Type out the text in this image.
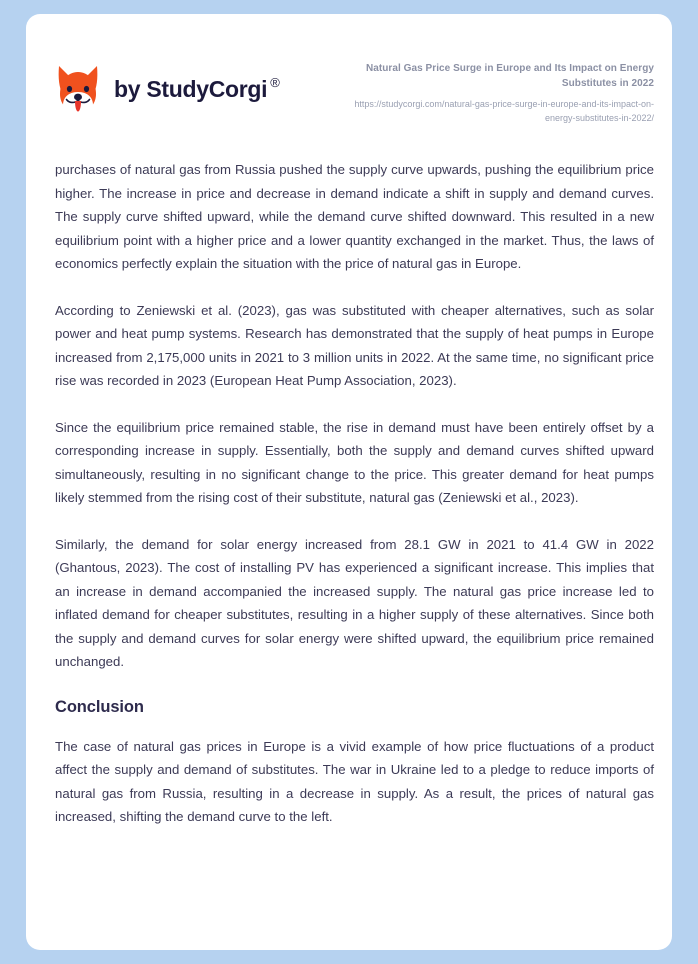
by StudyCorgi ®
Natural Gas Price Surge in Europe and Its Impact on Energy Substitutes in 2022
https://studycorgi.com/natural-gas-price-surge-in-europe-and-its-impact-on-energy-substitutes-in-2022/

purchases of natural gas from Russia pushed the supply curve upwards, pushing the equilibrium price higher. The increase in price and decrease in demand indicate a shift in supply and demand curves. The supply curve shifted upward, while the demand curve shifted downward. This resulted in a new equilibrium point with a higher price and a lower quantity exchanged in the market. Thus, the laws of economics perfectly explain the situation with the price of natural gas in Europe.

According to Zeniewski et al. (2023), gas was substituted with cheaper alternatives, such as solar power and heat pump systems. Research has demonstrated that the supply of heat pumps in Europe increased from 2,175,000 units in 2021 to 3 million units in 2022. At the same time, no significant price rise was recorded in 2023 (European Heat Pump Association, 2023).

Since the equilibrium price remained stable, the rise in demand must have been entirely offset by a corresponding increase in supply. Essentially, both the supply and demand curves shifted upward simultaneously, resulting in no significant change to the price. This greater demand for heat pumps likely stemmed from the rising cost of their substitute, natural gas (Zeniewski et al., 2023).

Similarly, the demand for solar energy increased from 28.1 GW in 2021 to 41.4 GW in 2022 (Ghantous, 2023). The cost of installing PV has experienced a significant increase. This implies that an increase in demand accompanied the increased supply. The natural gas price increase led to inflated demand for cheaper substitutes, resulting in a higher supply of these alternatives. Since both the supply and demand curves for solar energy were shifted upward, the equilibrium price remained unchanged.

Conclusion

The case of natural gas prices in Europe is a vivid example of how price fluctuations of a product affect the supply and demand of substitutes. The war in Ukraine led to a pledge to reduce imports of natural gas from Russia, resulting in a decrease in supply. As a result, the prices of natural gas increased, shifting the demand curve to the left.
